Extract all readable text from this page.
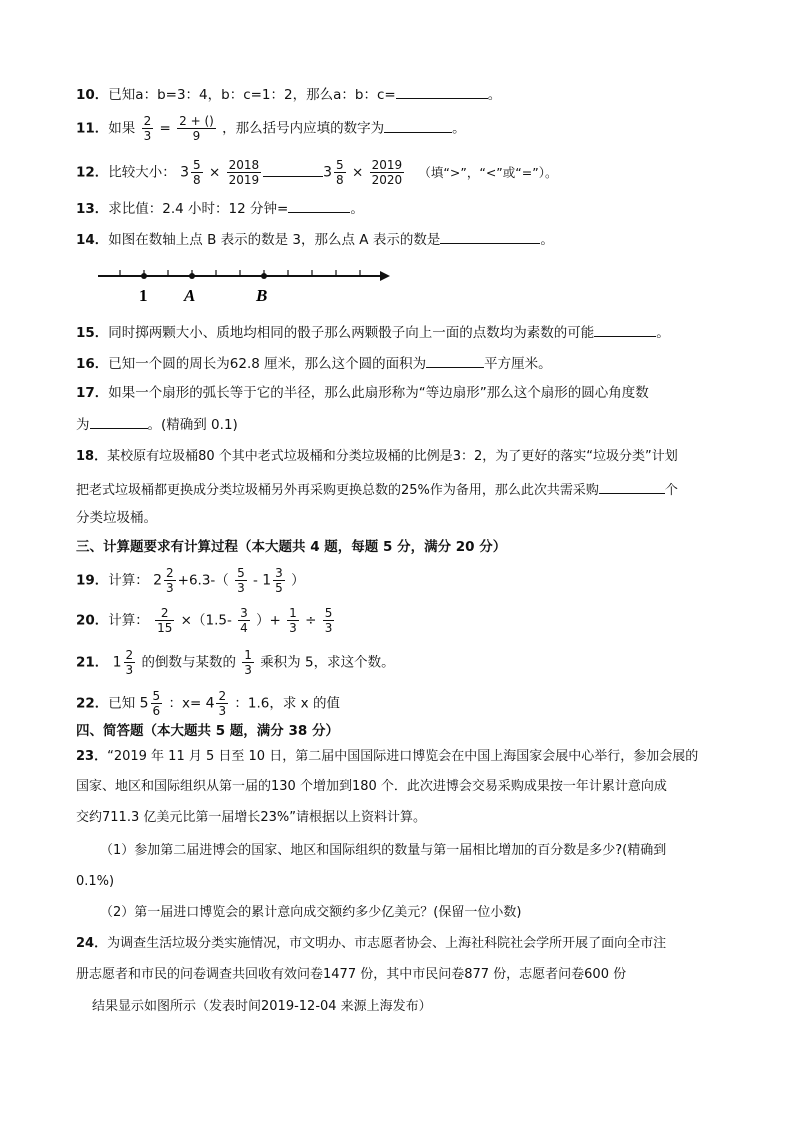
10．已知a：b=3：4，b：c=1：2，那么a：b：c=	。
11．如果 $\frac{2}{3} = \frac{2 + ()}{9}$ ，那么括号内应填的数字为	。
12．比较大小： $3 \frac{5}{8} \times \frac{2018}{2019}$	$3 \frac{5}{8} \times \frac{2019}{2020}$ （填“>”，“<”或“=”）。
13．求比值：2.4 小时：12 分钟=	。
14．如图在数轴上点 B 表示的数是 3，那么点 A 表示的数是	。
1 A	B
15．同时掷两颗大小、质地均相同的骰子那么两颗骰子向上一面的点数均为素数的可能	。
16．已知一个圆的周长为62.8 厘米，那么这个圆的面积为	平方厘米。
17．如果一个扇形的弧长等于它的半径，那么此扇形称为“等边扇形”那么这个扇形的圆心角度数
为	。(精确到 0.1)
18．某校原有垃圾桶80 个其中老式垃圾桶和分类垃圾桶的比例是3：2，为了更好的落实“垃圾分类”计划
把老式垃圾桶都更换成分类垃圾桶另外再采购更换总数的25%作为备用，那么此次共需采购	个
分类垃圾桶。
三、计算题要求有计算过程（本大题共 4 题，每题 5 分，满分 20 分）
19．计算： $2 \frac{2}{3} +6.3-( \frac{5}{3} - 1 \frac{3}{5}$ ）
20．计算： $\frac{2}{15} \times(1.5- \frac{3}{4}$ ）+ $\frac{1}{3} \div \frac{5}{3}$
21． $1 \frac{2}{3}$ 的倒数与某数的 $\frac{1}{3}$ 乘积为 5，求这个数。
22．已知 $5 \frac{5}{6}$ ：$x= 4 \frac{2}{3}$ ：1.6，求 x 的值
四、简答题（本大题共 5 题，满分 38 分）
23．“2019 年 11 月 5 日至 10 日，第二届中国国际进口博览会在中国上海国家会展中心举行，参加会展的
国家、地区和国际组织从第一届的130 个增加到180 个．此次进博会交易采购成果按一年计累计意向成
交约711.3 亿美元比第一届增长23%”请根据以上资料计算。
（1）参加第二届进博会的国家、地区和国际组织的数量与第一届相比增加的百分数是多少?(精确到
0.1%)
（2）第一届进口博览会的累计意向成交额约多少亿美元？(保留一位小数)
24．为调查生活垃圾分类实施情况，市文明办、市志愿者协会、上海社科院社会学所开展了面向全市注
册志愿者和市民的问卷调查共回收有效问卷1477 份，其中市民问卷877 份，志愿者问卷600 份
结果显示如图所示（发表时间2019-12-04 来源上海发布）
